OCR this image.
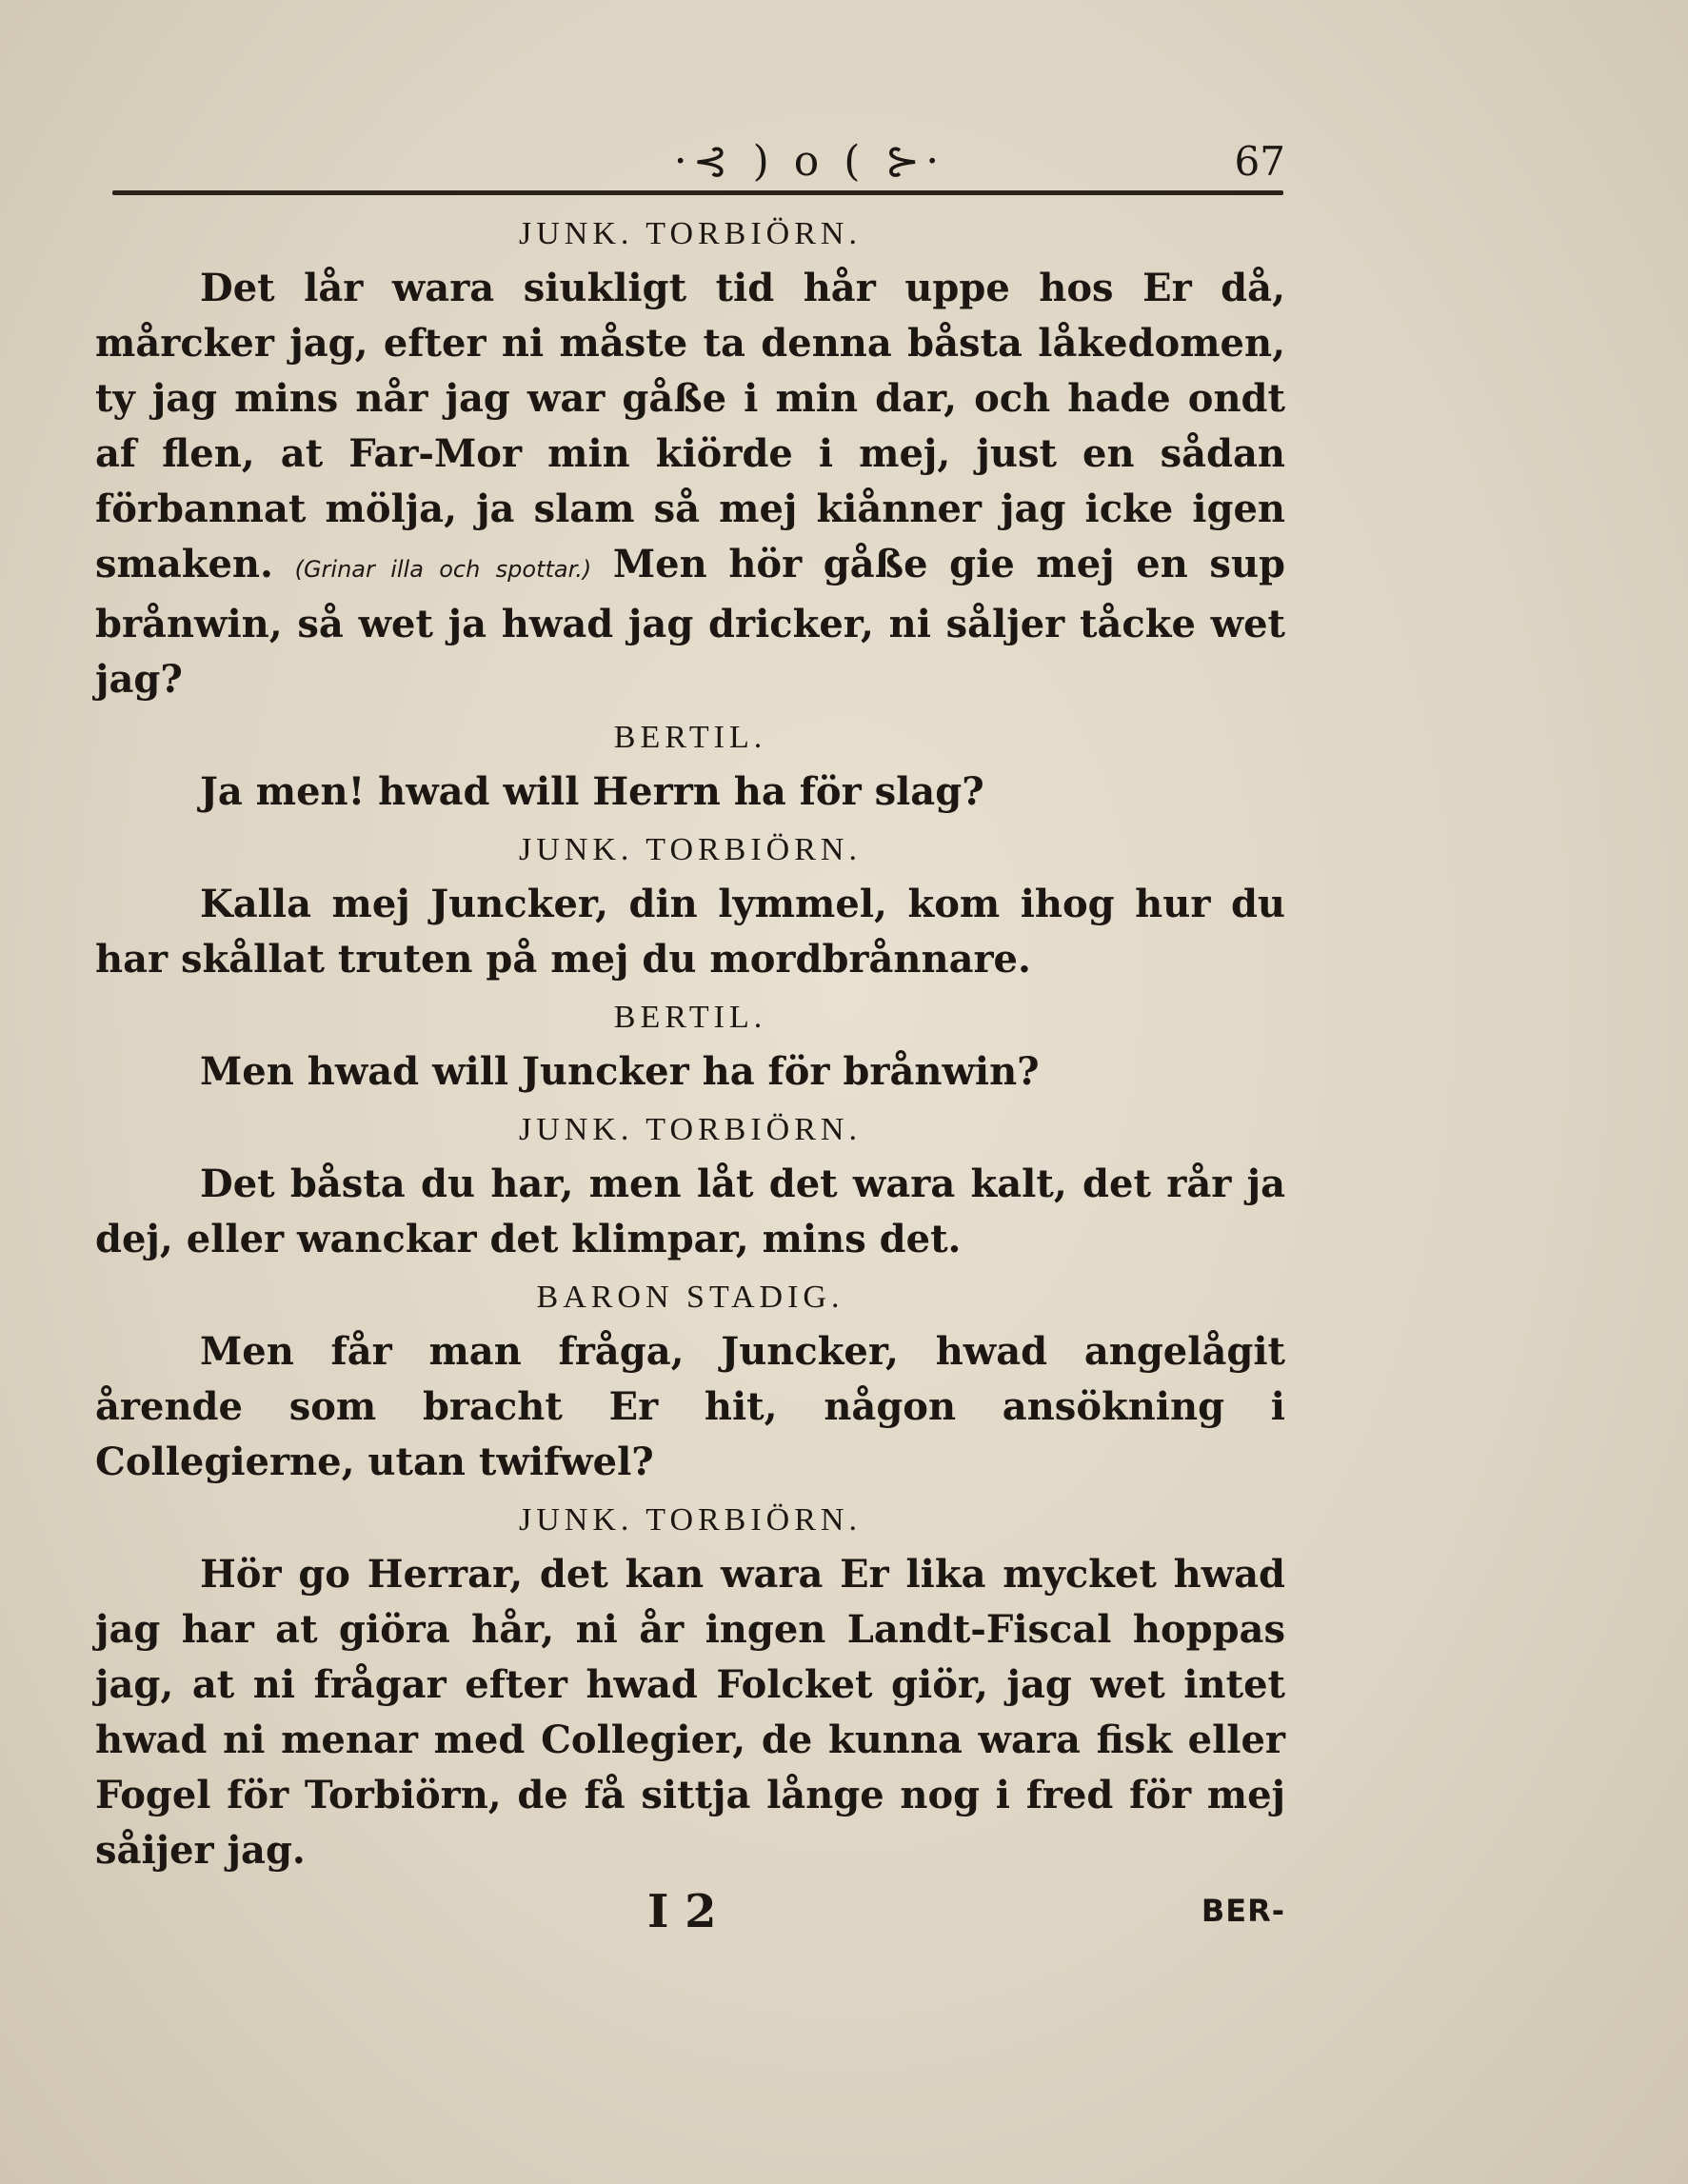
·⊰ ) o ( ⊱·	67

JUNK. TORBIÖRN.

Det lår wara siukligt tid hår uppe hos Er då, mårcker jag, efter ni måste ta denna båsta låkedomen, ty jag mins når jag war gåße i min dar, och hade ondt af flen, at Far-Mor min kiörde i mej, just en sådan förbannat mölja, ja slam så mej kiånner jag icke igen smaken. (Grinar illa och spottar.) Men hör gåße gie mej en sup brånwin, så wet ja hwad jag dricker, ni såljer tåcke wet jag?

BERTIL.

Ja men! hwad will Herrn ha för slag?

JUNK. TORBIÖRN.

Kalla mej Juncker, din lymmel, kom ihog hur du har skållat truten på mej du mordbrånnare.

BERTIL.

Men hwad will Juncker ha för brånwin?

JUNK. TORBIÖRN.

Det båsta du har, men låt det wara kalt, det rår ja dej, eller wanckar det klimpar, mins det.

BARON STADIG.

Men får man fråga, Juncker, hwad angelågit årende som bracht Er hit, någon ansökning i Collegierne, utan twifwel?

JUNK. TORBIÖRN.

Hör go Herrar, det kan wara Er lika mycket hwad jag har at giöra hår, ni år ingen Landt-Fiscal hoppas jag, at ni frågar efter hwad Folcket giör, jag wet intet hwad ni menar med Collegier, de kunna wara fisk eller Fogel för Torbiörn, de få sittja långe nog i fred för mej såijer jag.

I 2	BER-
